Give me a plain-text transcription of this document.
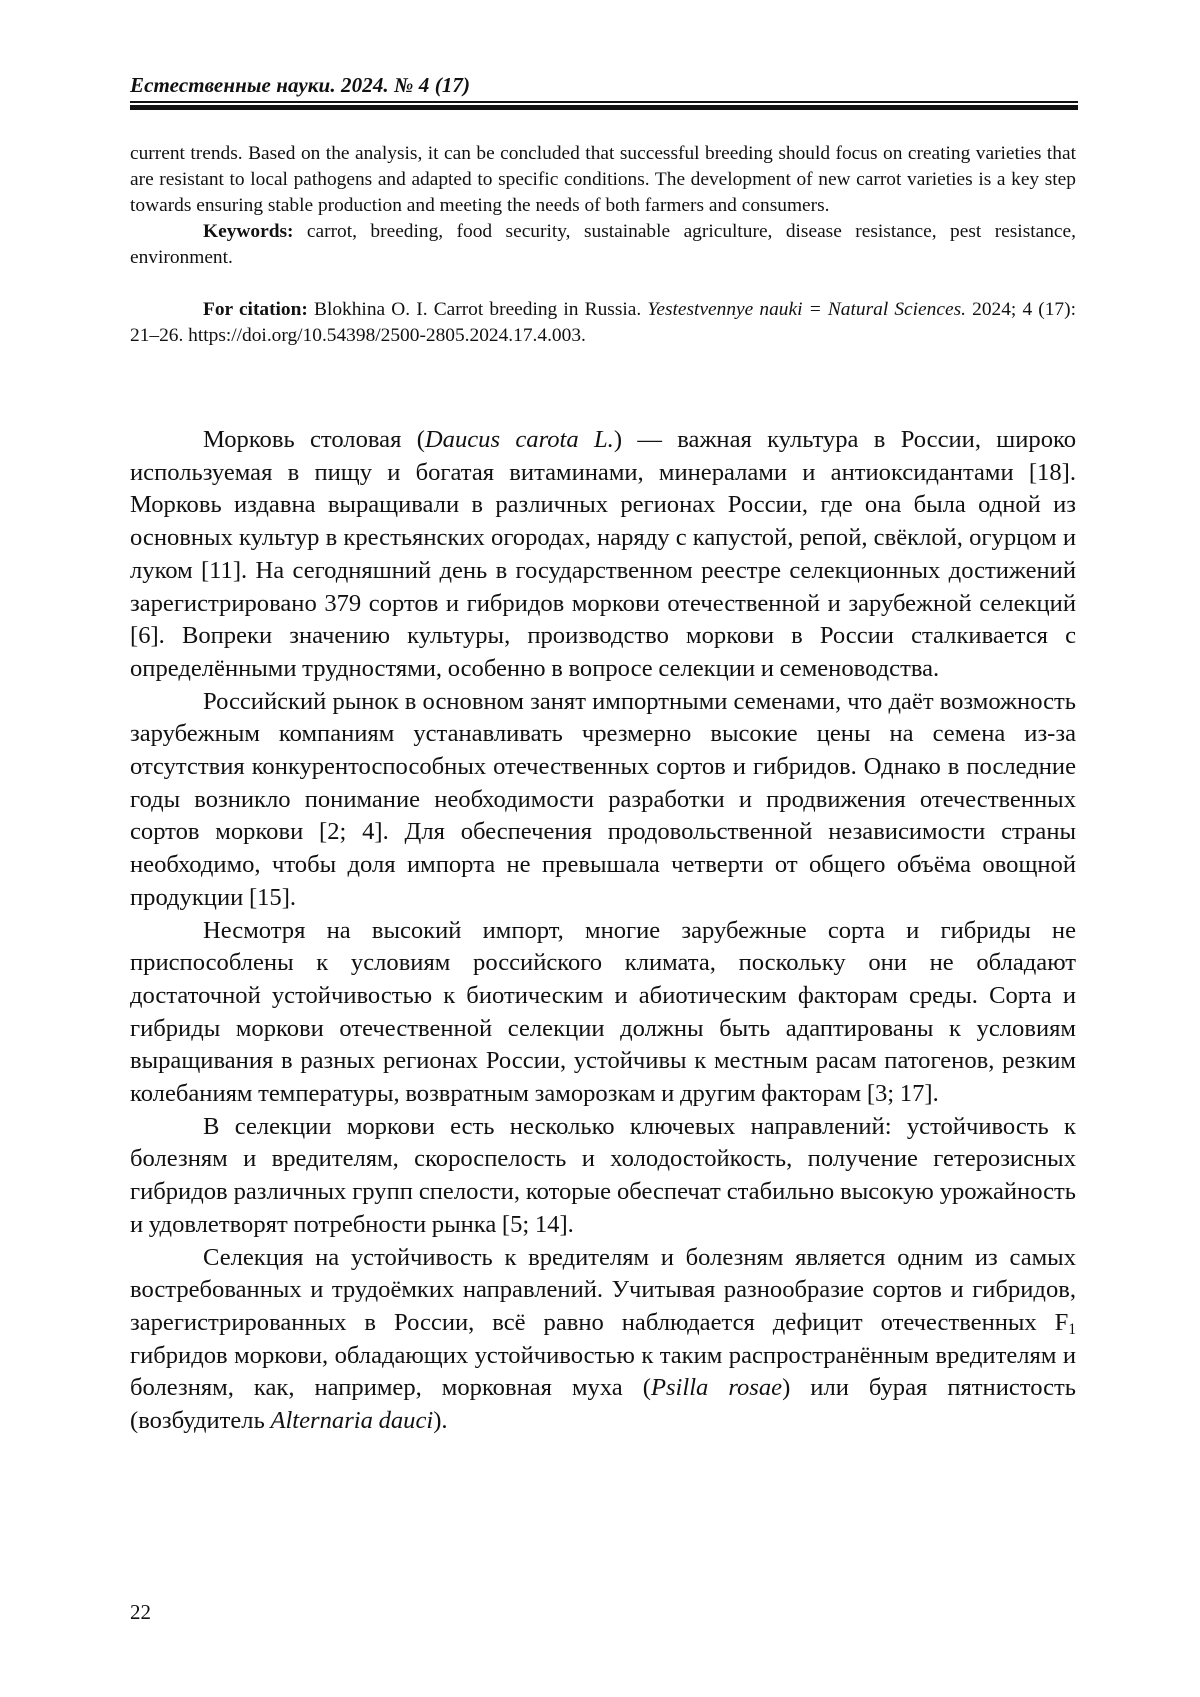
Естественные науки. 2024. № 4 (17)

current trends. Based on the analysis, it can be concluded that successful breeding should focus on creating varieties that are resistant to local pathogens and adapted to specific conditions. The development of new carrot varieties is a key step towards ensuring stable production and meeting the needs of both farmers and consumers.

Keywords: carrot, breeding, food security, sustainable agriculture, disease resistance, pest resistance, environment.

For citation: Blokhina O. I. Carrot breeding in Russia. Yestestvennye nauki = Natural Sciences. 2024; 4 (17): 21–26. https://doi.org/10.54398/2500-2805.2024.17.4.003.

Морковь столовая (Daucus carota L.) — важная культура в России, широко используемая в пищу и богатая витаминами, минералами и антиоксидантами [18]. Морковь издавна выращивали в различных регионах России, где она была одной из основных культур в крестьянских огородах, наряду с капустой, репой, свёклой, огурцом и луком [11]. На сегодняшний день в государственном реестре селекционных достижений зарегистрировано 379 сортов и гибридов моркови отечественной и зарубежной селекций [6]. Вопреки значению культуры, производство моркови в России сталкивается с определёнными трудностями, особенно в вопросе селекции и семеноводства.

Российский рынок в основном занят импортными семенами, что даёт возможность зарубежным компаниям устанавливать чрезмерно высокие цены на семена из-за отсутствия конкурентоспособных отечественных сортов и гибридов. Однако в последние годы возникло понимание необходимости разработки и продвижения отечественных сортов моркови [2; 4]. Для обеспечения продовольственной независимости страны необходимо, чтобы доля импорта не превышала четверти от общего объёма овощной продукции [15].

Несмотря на высокий импорт, многие зарубежные сорта и гибриды не приспособлены к условиям российского климата, поскольку они не обладают достаточной устойчивостью к биотическим и абиотическим факторам среды. Сорта и гибриды моркови отечественной селекции должны быть адаптированы к условиям выращивания в разных регионах России, устойчивы к местным расам патогенов, резким колебаниям температуры, возвратным заморозкам и другим факторам [3; 17].

В селекции моркови есть несколько ключевых направлений: устойчивость к болезням и вредителям, скороспелость и холодостойкость, получение гетерозисных гибридов различных групп спелости, которые обеспечат стабильно высокую урожайность и удовлетворят потребности рынка [5; 14].

Селекция на устойчивость к вредителям и болезням является одним из самых востребованных и трудоёмких направлений. Учитывая разнообразие сортов и гибридов, зарегистрированных в России, всё равно наблюдается дефицит отечественных $F_1$ гибридов моркови, обладающих устойчивостью к таким распространённым вредителям и болезням, как, например, морковная муха (Psilla rosae) или бурая пятнистость (возбудитель Alternaria dauci).

22
